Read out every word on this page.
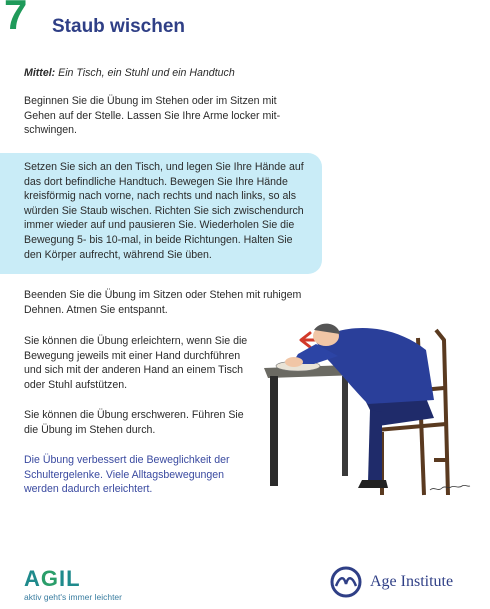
7 Staub wischen
Mittel: Ein Tisch, ein Stuhl und ein Handtuch
Beginnen Sie die Übung im Stehen oder im Sitzen mit Gehen auf der Stelle. Lassen Sie Ihre Arme locker mitschwingen.
Setzen Sie sich an den Tisch, und legen Sie Ihre Hände auf das dort befindliche Handtuch. Bewegen Sie Ihre Hände kreisförmig nach vorne, nach rechts und nach links, so als würden Sie Staub wischen. Richten Sie sich zwischendurch immer wieder auf und pausieren Sie. Wiederholen Sie die Bewegung 5- bis 10-mal, in beide Richtungen. Halten Sie den Körper aufrecht, während Sie üben.
Beenden Sie die Übung im Sitzen oder Stehen mit ruhigem Dehnen. Atmen Sie entspannt.
Sie können die Übung erleichtern, wenn Sie die Bewegung jeweils mit einer Hand durchführen und sich mit der anderen Hand an einem Tisch oder Stuhl aufstützen.
Sie können die Übung erschweren. Führen Sie die Übung im Stehen durch.
Die Übung verbessert die Beweglichkeit der Schultergelenke. Viele Alltagsbewegungen werden dadurch erleichtert.
AGIL
aktiv geht's immer leichter
Age Institute
